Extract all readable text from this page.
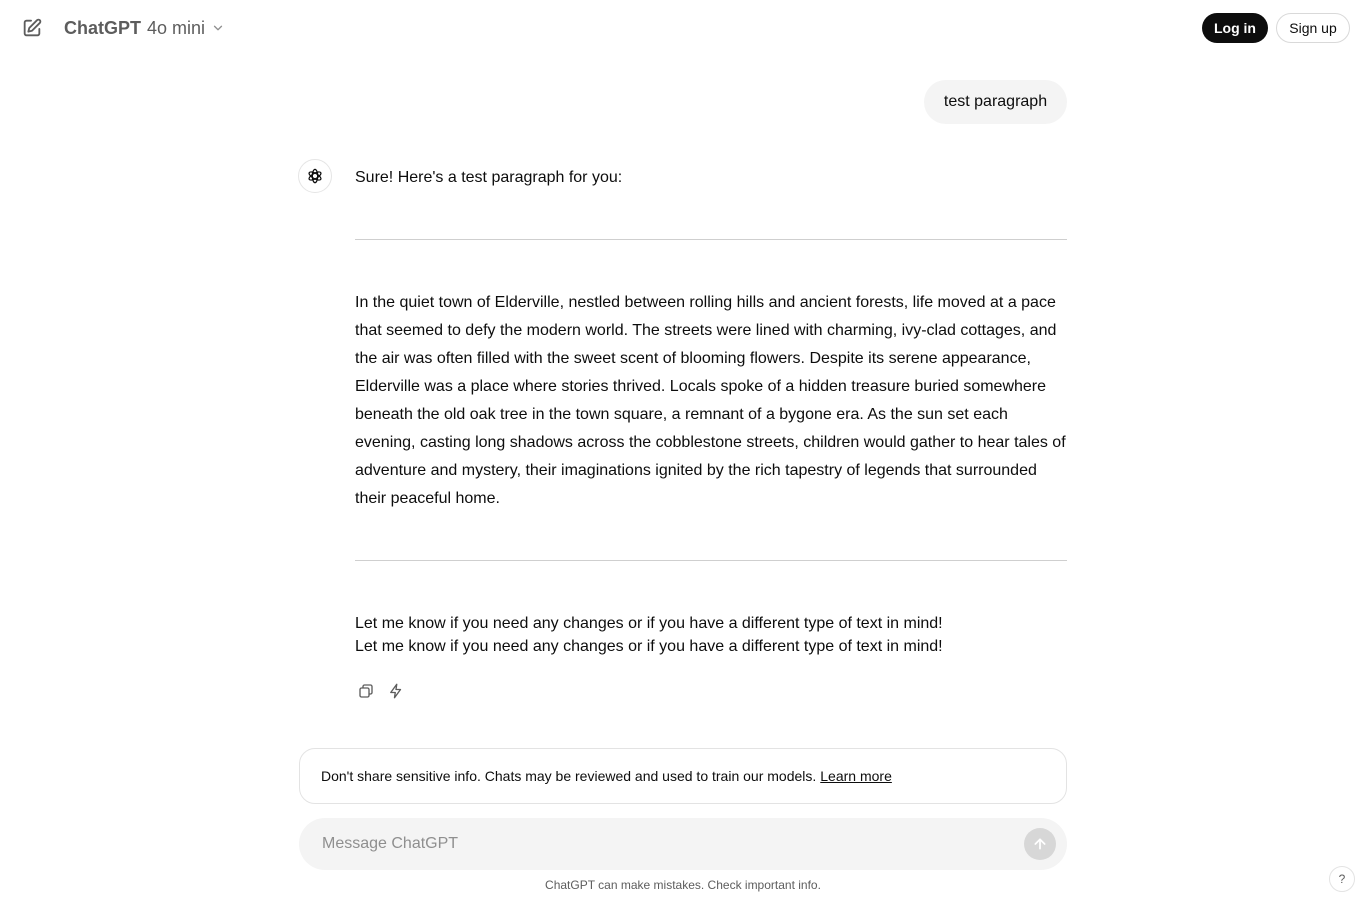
ChatGPT 4o mini	Log in	Sign up
test paragraph
Sure! Here's a test paragraph for you:
In the quiet town of Elderville, nestled between rolling hills and ancient forests, life moved at a pace that seemed to defy the modern world. The streets were lined with charming, ivy-clad cottages, and the air was often filled with the sweet scent of blooming flowers. Despite its serene appearance, Elderville was a place where stories thrived. Locals spoke of a hidden treasure buried somewhere beneath the old oak tree in the town square, a remnant of a bygone era. As the sun set each evening, casting long shadows across the cobblestone streets, children would gather to hear tales of adventure and mystery, their imaginations ignited by the rich tapestry of legends that surrounded their peaceful home.
Let me know if you need any changes or if you have a different type of text in mind!
Let me know if you need any changes or if you have a different type of text in mind!
Don't share sensitive info. Chats may be reviewed and used to train our models. Learn more
Message ChatGPT
ChatGPT can make mistakes. Check important info.	?
